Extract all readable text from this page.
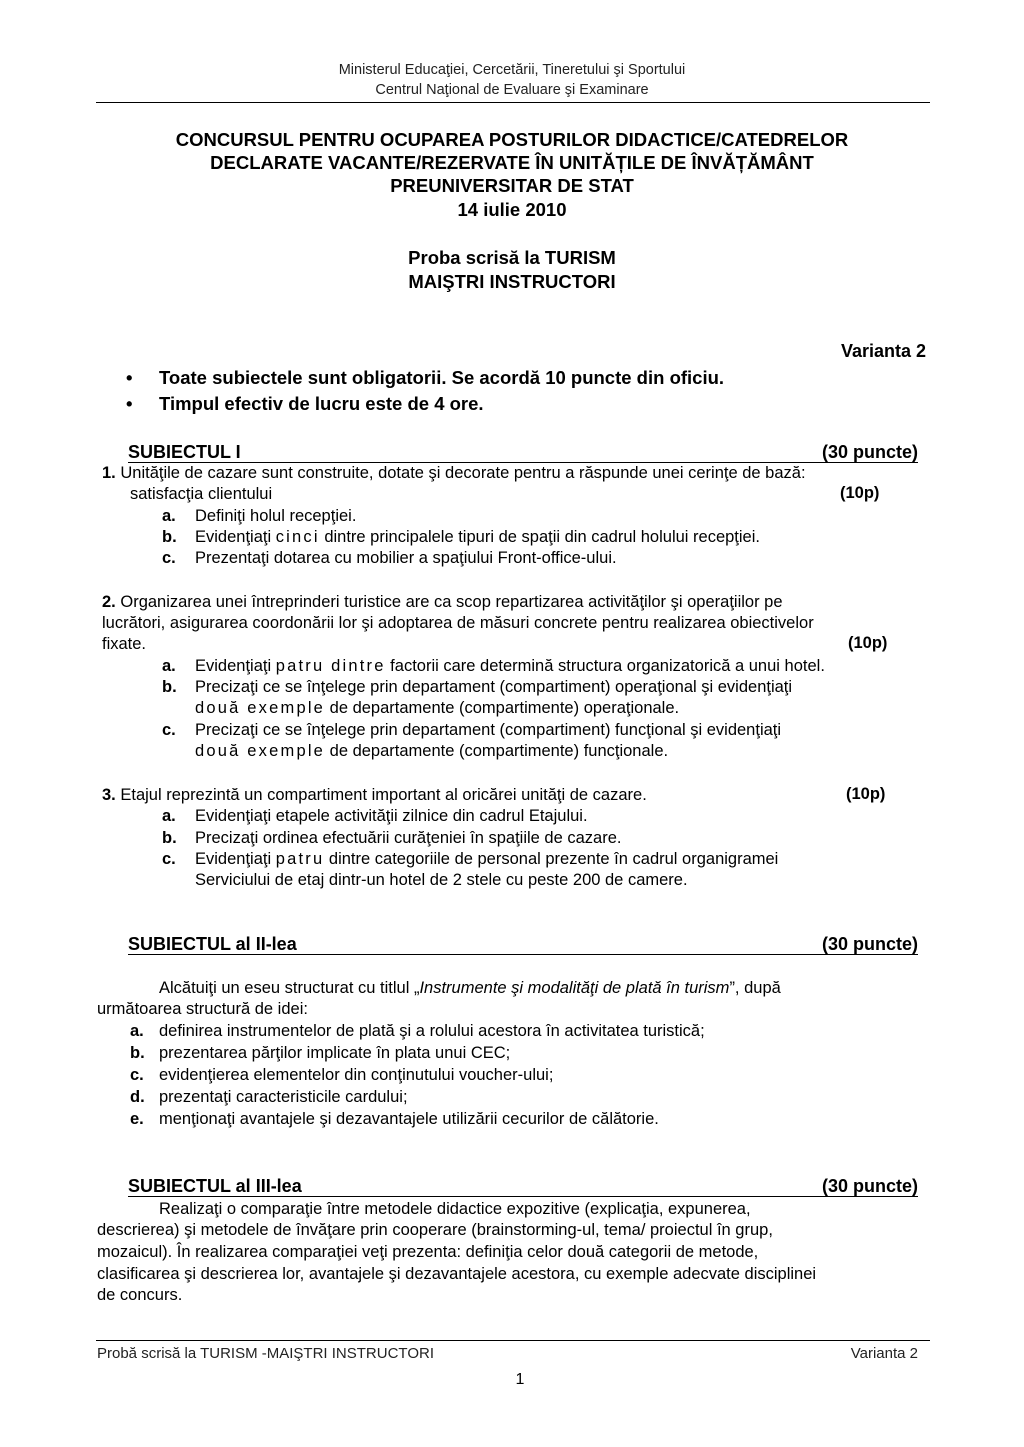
Ministerul Educaţiei, Cercetării, Tineretului şi Sportului
Centrul Naţional de Evaluare şi Examinare
CONCURSUL PENTRU OCUPAREA POSTURILOR DIDACTICE/CATEDRELOR
DECLARATE VACANTE/REZERVATE ÎN UNITĂȚILE DE ÎNVĂȚĂMÂNT
PREUNIVERSITAR DE STAT
14 iulie 2010
Proba scrisă la TURISM
MAIŞTRI INSTRUCTORI
Varianta 2
• Toate subiectele sunt obligatorii. Se acordă 10 puncte din oficiu.
• Timpul efectiv de lucru este de 4 ore.
SUBIECTUL I	(30 puncte)
1. Unităţile de cazare sunt construite, dotate şi decorate pentru a răspunde unei cerinţe de bază:
satisfacţia clientului	(10p)
a. Definiţi holul recepţiei.
b. Evidenţiaţi cinci dintre principalele tipuri de spaţii din cadrul holului recepţiei.
c. Prezentaţi dotarea cu mobilier a spaţiului Front-office-ului.
2. Organizarea unei întreprinderi turistice are ca scop repartizarea activităţilor şi operaţiilor pe
lucrători, asigurarea coordonării lor şi adoptarea de măsuri concrete pentru realizarea obiectivelor
fixate.	(10p)
a. Evidenţiaţi patru dintre factorii care determină structura organizatorică a unui hotel.
b. Precizaţi ce se înţelege prin departament (compartiment) operaţional şi evidenţiaţi
două exemple de departamente (compartimente) operaţionale.
c. Precizaţi ce se înţelege prin departament (compartiment) funcţional şi evidenţiaţi
două exemple de departamente (compartimente) funcţionale.
3. Etajul reprezintă un compartiment important al oricărei unităţi de cazare.	(10p)
a. Evidenţiaţi etapele activităţii zilnice din cadrul Etajului.
b. Precizaţi ordinea efectuării curăţeniei în spaţiile de cazare.
c. Evidenţiaţi patru dintre categoriile de personal prezente în cadrul organigramei
Serviciului de etaj dintr-un hotel de 2 stele cu peste 200 de camere.
SUBIECTUL al II-lea	(30 puncte)
Alcătuiţi un eseu structurat cu titlul „Instrumente şi modalităţi de plată în turism”, după
următoarea structură de idei:
a. definirea instrumentelor de plată şi a rolului acestora în activitatea turistică;
b. prezentarea părţilor implicate în plata unui CEC;
c. evidenţierea elementelor din conţinutului voucher-ului;
d. prezentaţi caracteristicile cardului;
e. menţionaţi avantajele şi dezavantajele utilizării cecurilor de călătorie.
SUBIECTUL al III-lea	(30 puncte)
Realizaţi o comparaţie între metodele didactice expozitive (explicaţia, expunerea,
descrierea) şi metodele de învăţare prin cooperare (brainstorming-ul, tema/ proiectul în grup,
mozaicul). În realizarea comparaţiei veţi prezenta: definiţia celor două categorii de metode,
clasificarea şi descrierea lor, avantajele şi dezavantajele acestora, cu exemple adecvate disciplinei
de concurs.
Probă scrisă la TURISM -MAIŞTRI INSTRUCTORI	Varianta 2
1
